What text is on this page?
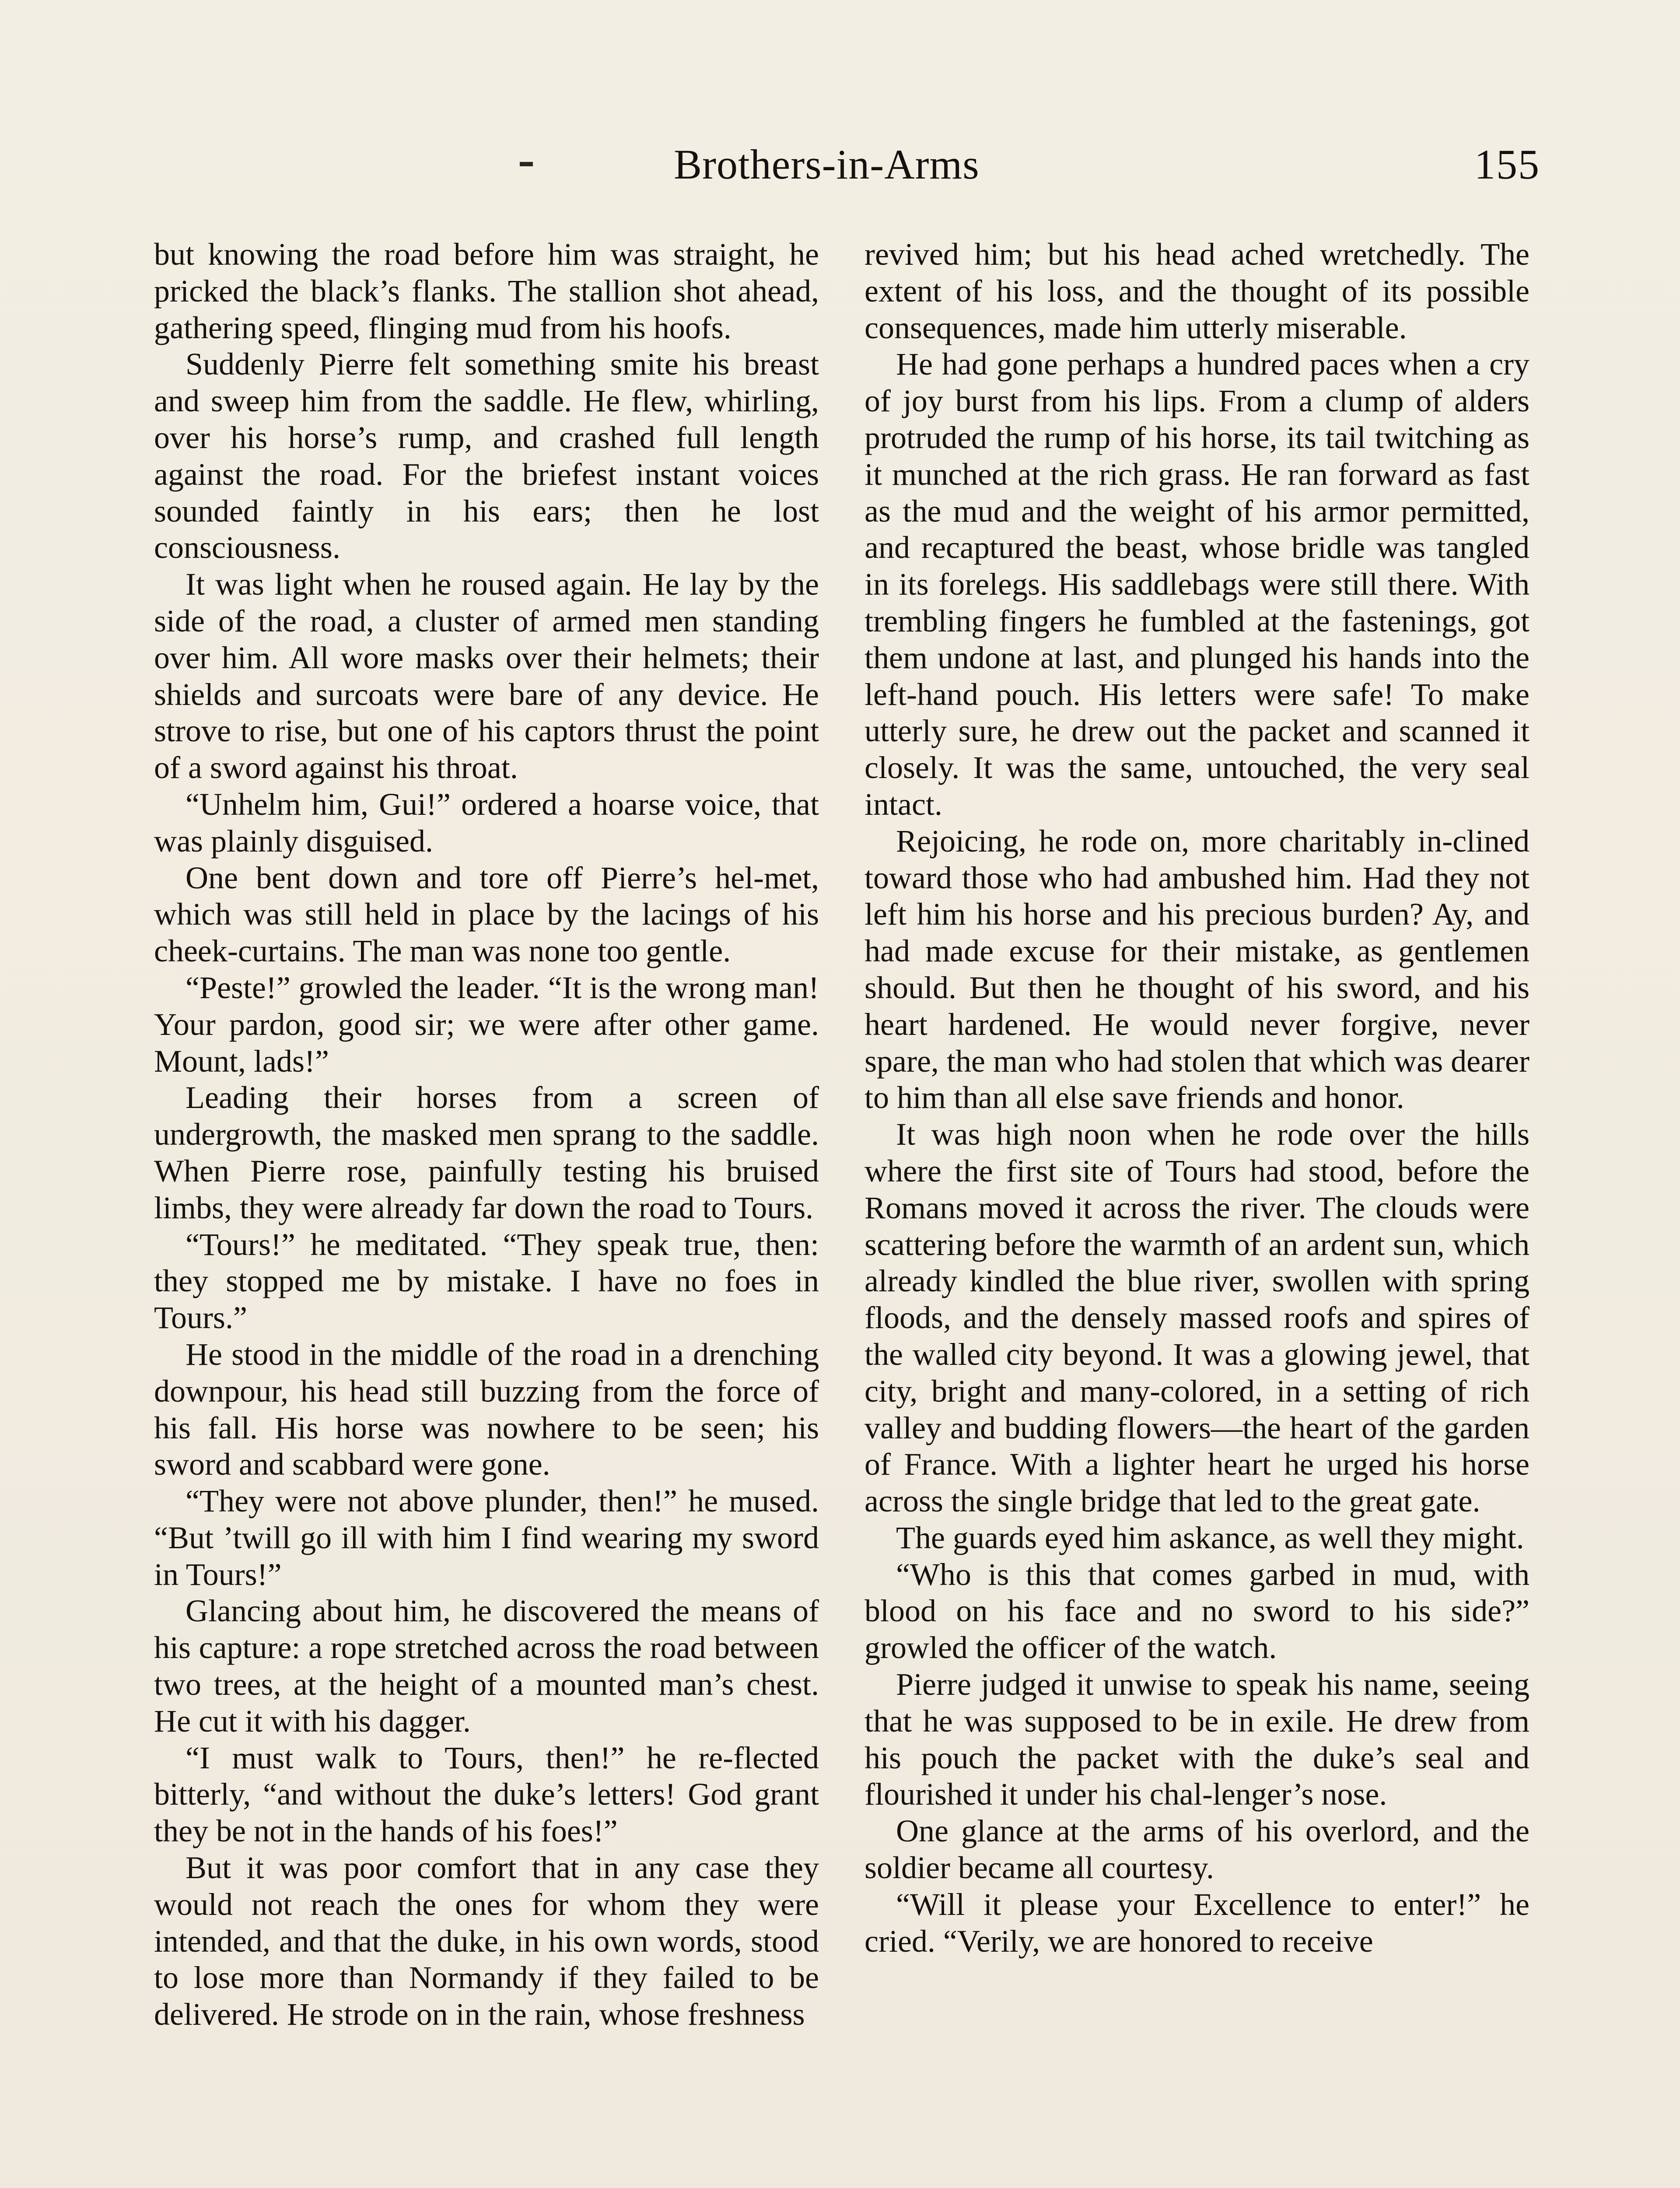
Brothers-in-Arms	155

but knowing the road before him was straight, he pricked the black’s flanks. The stallion shot ahead, gathering speed, flinging mud from his hoofs.

Suddenly Pierre felt something smite his breast and sweep him from the saddle. He flew, whirling, over his horse’s rump, and crashed full length against the road. For the briefest instant voices sounded faintly in his ears; then he lost consciousness.

It was light when he roused again. He lay by the side of the road, a cluster of armed men standing over him. All wore masks over their helmets; their shields and surcoats were bare of any device. He strove to rise, but one of his captors thrust the point of a sword against his throat.

“Unhelm him, Gui!” ordered a hoarse voice, that was plainly disguised.

One bent down and tore off Pierre’s hel-met, which was still held in place by the lacings of his cheek-curtains. The man was none too gentle.

“Peste!” growled the leader. “It is the wrong man! Your pardon, good sir; we were after other game. Mount, lads!”

Leading their horses from a screen of undergrowth, the masked men sprang to the saddle. When Pierre rose, painfully testing his bruised limbs, they were already far down the road to Tours.

“Tours!” he meditated. “They speak true, then: they stopped me by mistake. I have no foes in Tours.”

He stood in the middle of the road in a drenching downpour, his head still buzzing from the force of his fall. His horse was nowhere to be seen; his sword and scabbard were gone.

“They were not above plunder, then!” he mused. “But ’twill go ill with him I find wearing my sword in Tours!”

Glancing about him, he discovered the means of his capture: a rope stretched across the road between two trees, at the height of a mounted man’s chest. He cut it with his dagger.

“I must walk to Tours, then!” he re-flected bitterly, “and without the duke’s letters! God grant they be not in the hands of his foes!”

But it was poor comfort that in any case they would not reach the ones for whom they were intended, and that the duke, in his own words, stood to lose more than Normandy if they failed to be delivered. He strode on in the rain, whose freshness

revived him; but his head ached wretchedly. The extent of his loss, and the thought of its possible consequences, made him utterly miserable.

He had gone perhaps a hundred paces when a cry of joy burst from his lips. From a clump of alders protruded the rump of his horse, its tail twitching as it munched at the rich grass. He ran forward as fast as the mud and the weight of his armor permitted, and recaptured the beast, whose bridle was tangled in its forelegs. His saddlebags were still there. With trembling fingers he fumbled at the fastenings, got them undone at last, and plunged his hands into the left-hand pouch. His letters were safe! To make utterly sure, he drew out the packet and scanned it closely. It was the same, untouched, the very seal intact.

Rejoicing, he rode on, more charitably in-clined toward those who had ambushed him. Had they not left him his horse and his precious burden? Ay, and had made excuse for their mistake, as gentlemen should. But then he thought of his sword, and his heart hardened. He would never forgive, never spare, the man who had stolen that which was dearer to him than all else save friends and honor.

It was high noon when he rode over the hills where the first site of Tours had stood, before the Romans moved it across the river. The clouds were scattering before the warmth of an ardent sun, which already kindled the blue river, swollen with spring floods, and the densely massed roofs and spires of the walled city beyond. It was a glowing jewel, that city, bright and many-colored, in a setting of rich valley and budding flowers—the heart of the garden of France. With a lighter heart he urged his horse across the single bridge that led to the great gate.

The guards eyed him askance, as well they might.

“Who is this that comes garbed in mud, with blood on his face and no sword to his side?” growled the officer of the watch.

Pierre judged it unwise to speak his name, seeing that he was supposed to be in exile. He drew from his pouch the packet with the duke’s seal and flourished it under his chal-lenger’s nose.

One glance at the arms of his overlord, and the soldier became all courtesy.

“Will it please your Excellence to enter!” he cried. “Verily, we are honored to receive
